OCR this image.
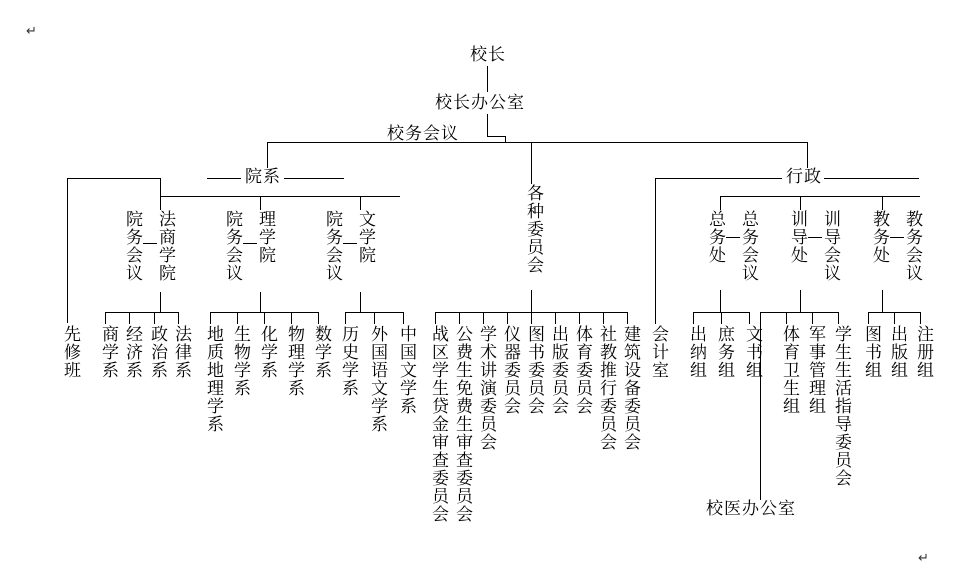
↵
↵
校长
校长办公室
校务会议
院系	行政
各种委员会
院务会议 法商学院	院务会议 理学院	院务会议 文学院	总务处 总务会议 训导处 训导会议 教务处 教务会议
先修班 商学系 经济系 政治系 法律系 地质地理学系 生物学系 化学系 物理学系 数学系 历史学系 外国语文学系 中国文学系 战区学生贷金审查委员会 公费生免费生审查委员会 学术讲演委员会 仪器委员会 图书委员会 出版委员会 体育委员会 社教推行委员会 建筑设备委员会 会计室 出纳组 庶务组 文书组 体育卫生组 军事管理组 学生生活指导委员会
校医办公室
图书组 出版组 注册组
